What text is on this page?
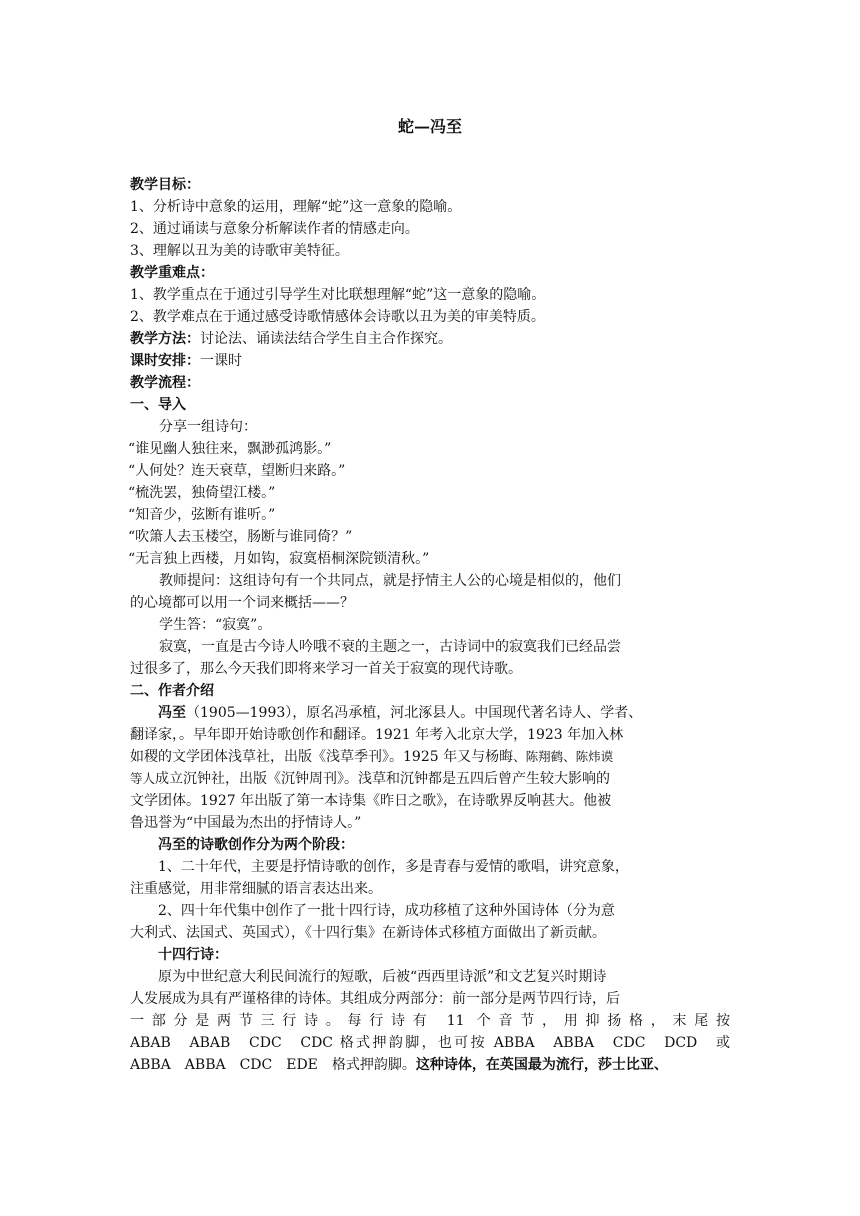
蛇—冯至
教学目标：
1、分析诗中意象的运用，理解“蛇”这一意象的隐喻。
2、通过诵读与意象分析解读作者的情感走向。
3、理解以丑为美的诗歌审美特征。
教学重难点：
1、教学重点在于通过引导学生对比联想理解“蛇”这一意象的隐喻。
2、教学难点在于通过感受诗歌情感体会诗歌以丑为美的审美特质。
教学方法：讨论法、诵读法结合学生自主合作探究。
课时安排：一课时
教学流程：
一、导入
分享一组诗句：
“谁见幽人独往来，飘渺孤鸿影。”
“人何处？连天衰草，望断归来路。”
“梳洗罢，独倚望江楼。”
“知音少，弦断有谁听。”
“吹箫人去玉楼空，肠断与谁同倚？”
“无言独上西楼，月如钩，寂寞梧桐深院锁清秋。”
教师提问：这组诗句有一个共同点，就是抒情主人公的心境是相似的，他们
的心境都可以用一个词来概括——？
学生答：“寂寞”。
寂寞，一直是古今诗人吟哦不衰的主题之一，古诗词中的寂寞我们已经品尝
过很多了，那么今天我们即将来学习一首关于寂寞的现代诗歌。
二、作者介绍
冯至（1905—1993），原名冯承植，河北涿县人。中国现代著名诗人、学者、
翻译家，。早年即开始诗歌创作和翻译。1921 年考入北京大学，1923 年加入林
如稷的文学团体浅草社，出版《浅草季刊》。1925 年又与杨晦、陈翔鹤、陈炜谟
等人成立沉钟社，出版《沉钟周刊》。浅草和沉钟都是五四后曾产生较大影响的
文学团体。1927 年出版了第一本诗集《昨日之歌》，在诗歌界反响甚大。他被
鲁迅誉为“中国最为杰出的抒情诗人。”
冯至的诗歌创作分为两个阶段：
1、二十年代，主要是抒情诗歌的创作，多是青春与爱情的歌唱，讲究意象，
注重感觉，用非常细腻的语言表达出来。
2、四十年代集中创作了一批十四行诗，成功移植了这种外国诗体（分为意
大利式、法国式、英国式），《十四行集》在新诗体式移植方面做出了新贡献。
十四行诗：
原为中世纪意大利民间流行的短歌，后被“西西里诗派”和文艺复兴时期诗
人发展成为具有严谨格律的诗体。其组成分两部分：前一部分是两节四行诗，后
一部分是两节三行诗。每行诗有 11 个音节，用抑扬格，末尾按
ABAB　ABAB　CDC　CDC 格式押韵脚，也可按 ABBA　ABBA　CDC　DCD　或
ABBA　ABBA　CDC　EDE　格式押韵脚。这种诗体，在英国最为流行，莎士比亚、
